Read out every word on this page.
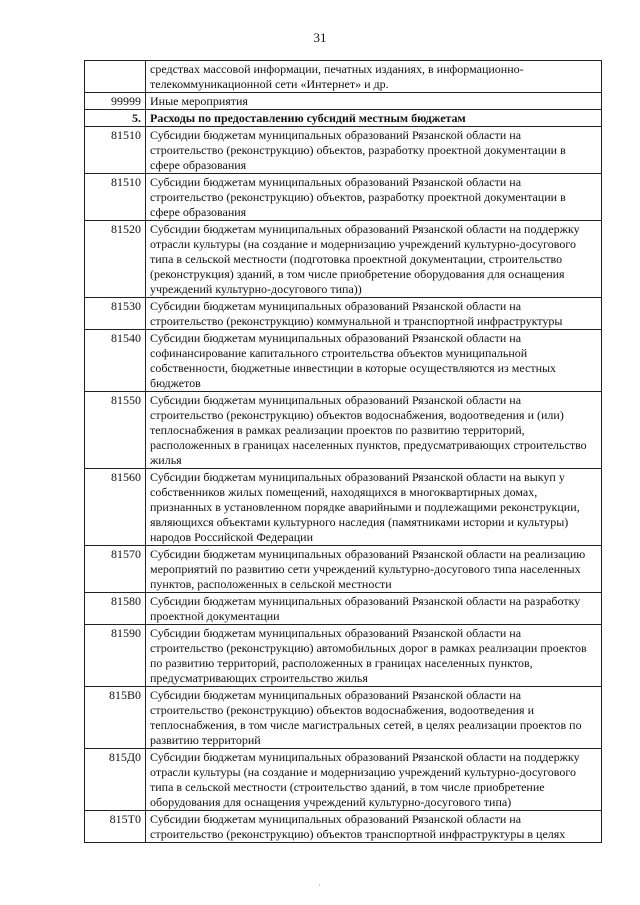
31
	средствах массовой информации, печатных изданиях, в информационно-телекоммуникационной сети «Интернет» и др.
99999	Иные мероприятия
5.	Расходы по предоставлению субсидий местным бюджетам
81510	Субсидии бюджетам муниципальных образований Рязанской области на строительство (реконструкцию) объектов, разработку проектной документации в сфере образования
81510	Субсидии бюджетам муниципальных образований Рязанской области на строительство (реконструкцию) объектов, разработку проектной документации в сфере образования
81520	Субсидии бюджетам муниципальных образований Рязанской области на поддержку отрасли культуры (на создание и модернизацию учреждений культурно-досугового типа в сельской местности (подготовка проектной документации, строительство (реконструкция) зданий, в том числе приобретение оборудования для оснащения учреждений культурно-досугового типа))
81530	Субсидии бюджетам муниципальных образований Рязанской области на строительство (реконструкцию) коммунальной и транспортной инфраструктуры
81540	Субсидии бюджетам муниципальных образований Рязанской области на софинансирование капитального строительства объектов муниципальной собственности, бюджетные инвестиции в которые осуществляются из местных бюджетов
81550	Субсидии бюджетам муниципальных образований Рязанской области на строительство (реконструкцию) объектов водоснабжения, водоотведения и (или) теплоснабжения в рамках реализации проектов по развитию территорий, расположенных в границах населенных пунктов, предусматривающих строительство жилья
81560	Субсидии бюджетам муниципальных образований Рязанской области на выкуп у собственников жилых помещений, находящихся в многоквартирных домах, признанных в установленном порядке аварийными и подлежащими реконструкции, являющихся объектами культурного наследия (памятниками истории и культуры) народов Российской Федерации
81570	Субсидии бюджетам муниципальных образований Рязанской области на реализацию мероприятий по развитию сети учреждений культурно-досугового типа населенных пунктов, расположенных в сельской местности
81580	Субсидии бюджетам муниципальных образований Рязанской области на разработку проектной документации
81590	Субсидии бюджетам муниципальных образований Рязанской области на строительство (реконструкцию) автомобильных дорог в рамках реализации проектов по развитию территорий, расположенных в границах населенных пунктов, предусматривающих строительство жилья
815В0	Субсидии бюджетам муниципальных образований Рязанской области на строительство (реконструкцию) объектов водоснабжения, водоотведения и теплоснабжения, в том числе магистральных сетей, в целях реализации проектов по развитию территорий
815Д0	Субсидии бюджетам муниципальных образований Рязанской области на поддержку отрасли культуры (на создание и модернизацию учреждений культурно-досугового типа в сельской местности (строительство зданий, в том числе приобретение оборудования для оснащения учреждений культурно-досугового типа)
815Т0	Субсидии бюджетам муниципальных образований Рязанской области на строительство (реконструкцию) объектов транспортной инфраструктуры в целях
·
